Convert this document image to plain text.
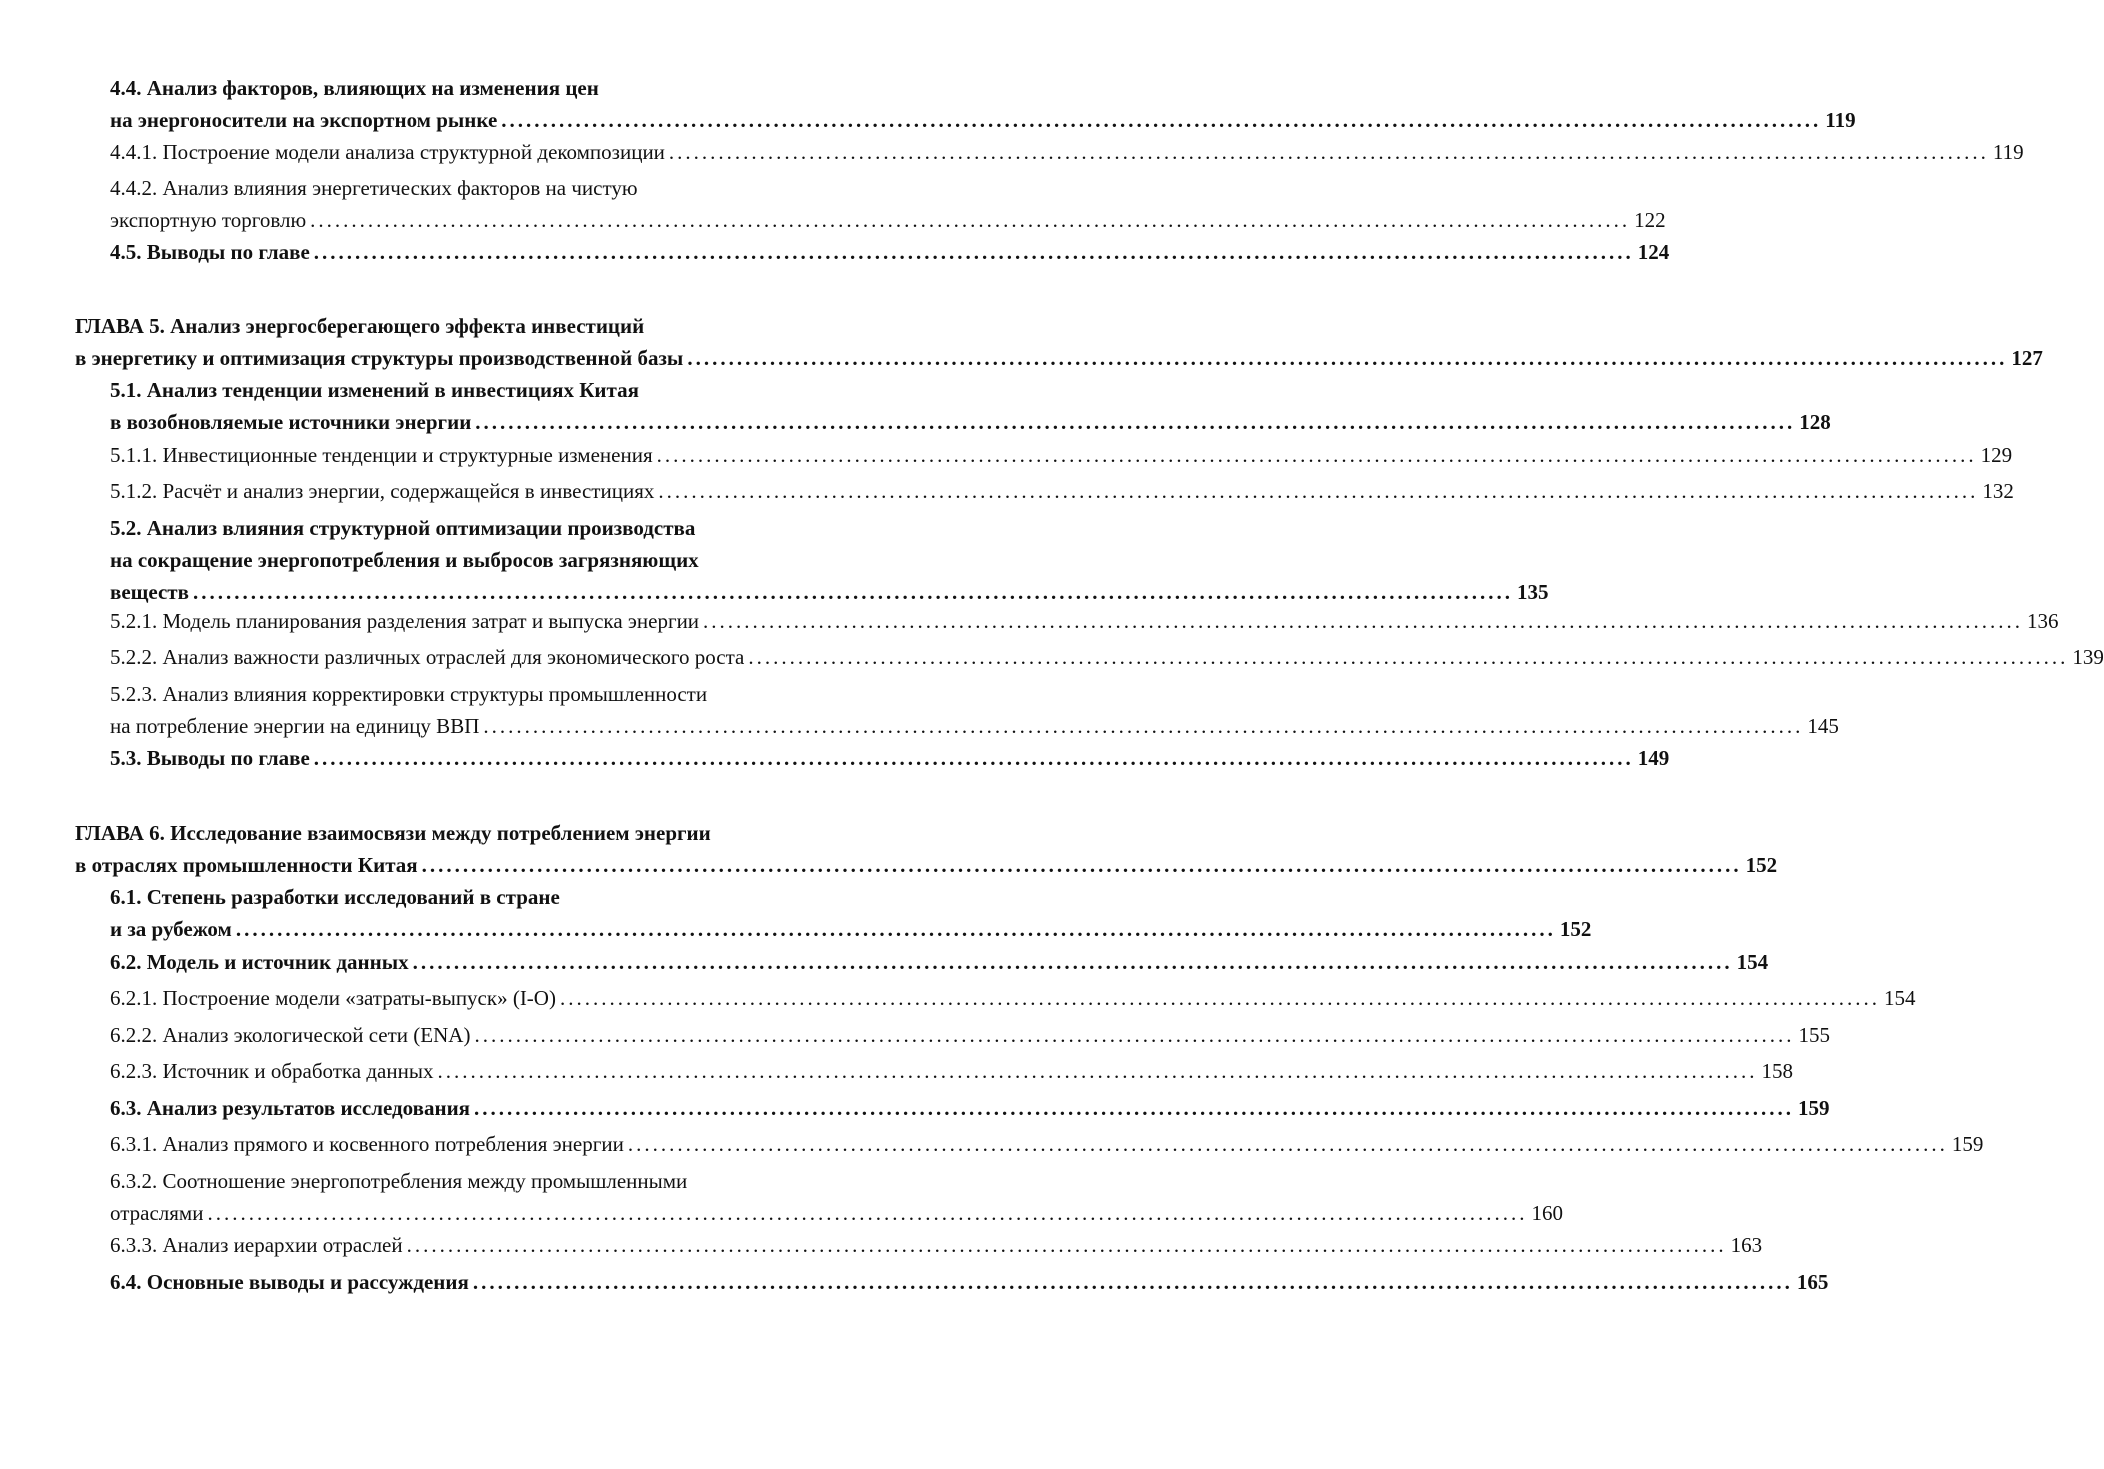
4.4. Анализ факторов, влияющих на изменения цен
на энергоносители на экспортном рынке ................................................................................................................................................................ 119
4.4.1. Построение модели анализа структурной декомпозиции ................................................................................................................................................................ 119
4.4.2. Анализ влияния энергетических факторов на чистую
экспортную торговлю ................................................................................................................................................................ 122
4.5. Выводы по главе ................................................................................................................................................................ 124
ГЛАВА 5. Анализ энергосберегающего эффекта инвестиций
в энергетику и оптимизация структуры производственной базы ................................................................................................................................................................ 127
5.1. Анализ тенденции изменений в инвестициях Китая
в возобновляемые источники энергии ................................................................................................................................................................ 128
5.1.1. Инвестиционные тенденции и структурные изменения ................................................................................................................................................................ 129
5.1.2. Расчёт и анализ энергии, содержащейся в инвестициях ................................................................................................................................................................ 132
5.2. Анализ влияния структурной оптимизации производства
на сокращение энергопотребления и выбросов загрязняющих
веществ ................................................................................................................................................................ 135
5.2.1. Модель планирования разделения затрат и выпуска энергии ................................................................................................................................................................ 136
5.2.2. Анализ важности различных отраслей для экономического роста ................................................................................................................................................................ 139
5.2.3. Анализ влияния корректировки структуры промышленности
на потребление энергии на единицу ВВП ................................................................................................................................................................ 145
5.3. Выводы по главе ................................................................................................................................................................ 149
ГЛАВА 6. Исследование взаимосвязи между потреблением энергии
в отраслях промышленности Китая ................................................................................................................................................................ 152
6.1. Степень разработки исследований в стране
и за рубежом ................................................................................................................................................................ 152
6.2. Модель и источник данных ................................................................................................................................................................ 154
6.2.1. Построение модели «затраты-выпуск» (I-O) ................................................................................................................................................................ 154
6.2.2. Анализ экологической сети (ENA) ................................................................................................................................................................ 155
6.2.3. Источник и обработка данных ................................................................................................................................................................ 158
6.3. Анализ результатов исследования ................................................................................................................................................................ 159
6.3.1. Анализ прямого и косвенного потребления энергии ................................................................................................................................................................ 159
6.3.2. Соотношение энергопотребления между промышленными
отраслями ................................................................................................................................................................ 160
6.3.3. Анализ иерархии отраслей ................................................................................................................................................................ 163
6.4. Основные выводы и рассуждения ................................................................................................................................................................ 165
